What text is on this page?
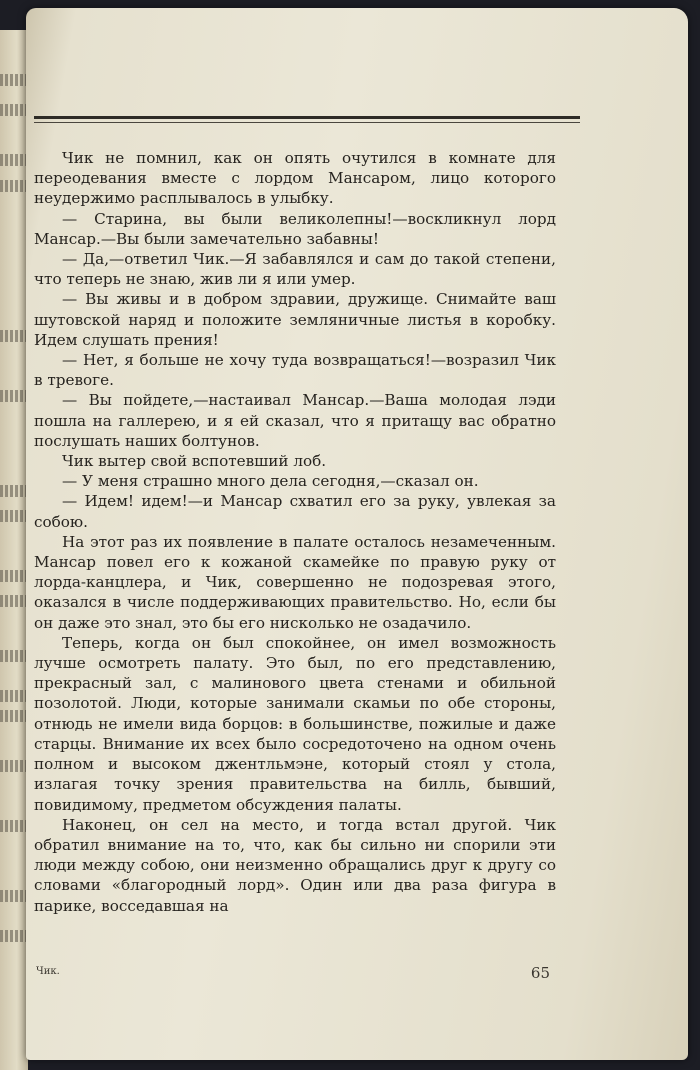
Чик не помнил, как он опять очутился в комнате для переодевания вместе с лордом Мансаром, лицо которого неудержимо расплывалось в улыбку.

— Старина, вы были великолепны!—воскликнул лорд Мансар.—Вы были замечательно забавны!

— Да,—ответил Чик.—Я забавлялся и сам до такой степени, что теперь не знаю, жив ли я или умер.

— Вы живы и в добром здравии, дружище. Снимайте ваш шутовской наряд и положите земляничные листья в коробку. Идем слушать прения!

— Нет, я больше не хочу туда возвращаться!—возразил Чик в тревоге.

— Вы пойдете,—настаивал Мансар.—Ваша молодая лэди пошла на галлерею, и я ей сказал, что я притащу вас обратно послушать наших болтунов.

Чик вытер свой вспотевший лоб.

— У меня страшно много дела сегодня,—сказал он.

— Идем! идем!—и Мансар схватил его за руку, увлекая за собою.

На этот раз их появление в палате осталось незамеченным. Мансар повел его к кожаной скамейке по правую руку от лорда-канцлера, и Чик, совершенно не подозревая этого, оказался в числе поддерживающих правительство. Но, если бы он даже это знал, это бы его нисколько не озадачило.

Теперь, когда он был спокойнее, он имел возможность лучше осмотреть палату. Это был, по его представлению, прекрасный зал, с малинового цвета стенами и обильной позолотой. Люди, которые занимали скамьи по обе стороны, отнюдь не имели вида борцов: в большинстве, пожилые и даже старцы. Внимание их всех было сосредоточено на одном очень полном и высоком джентльмэне, который стоял у стола, излагая точку зрения правительства на билль, бывший, повидимому, предметом обсуждения палаты.

Наконец, он сел на место, и тогда встал другой. Чик обратил внимание на то, что, как бы сильно ни спорили эти люди между собою, они неизменно обращались друг к другу со словами «благородный лорд». Один или два раза фигура в парике, восседавшая на

Чик.	65
